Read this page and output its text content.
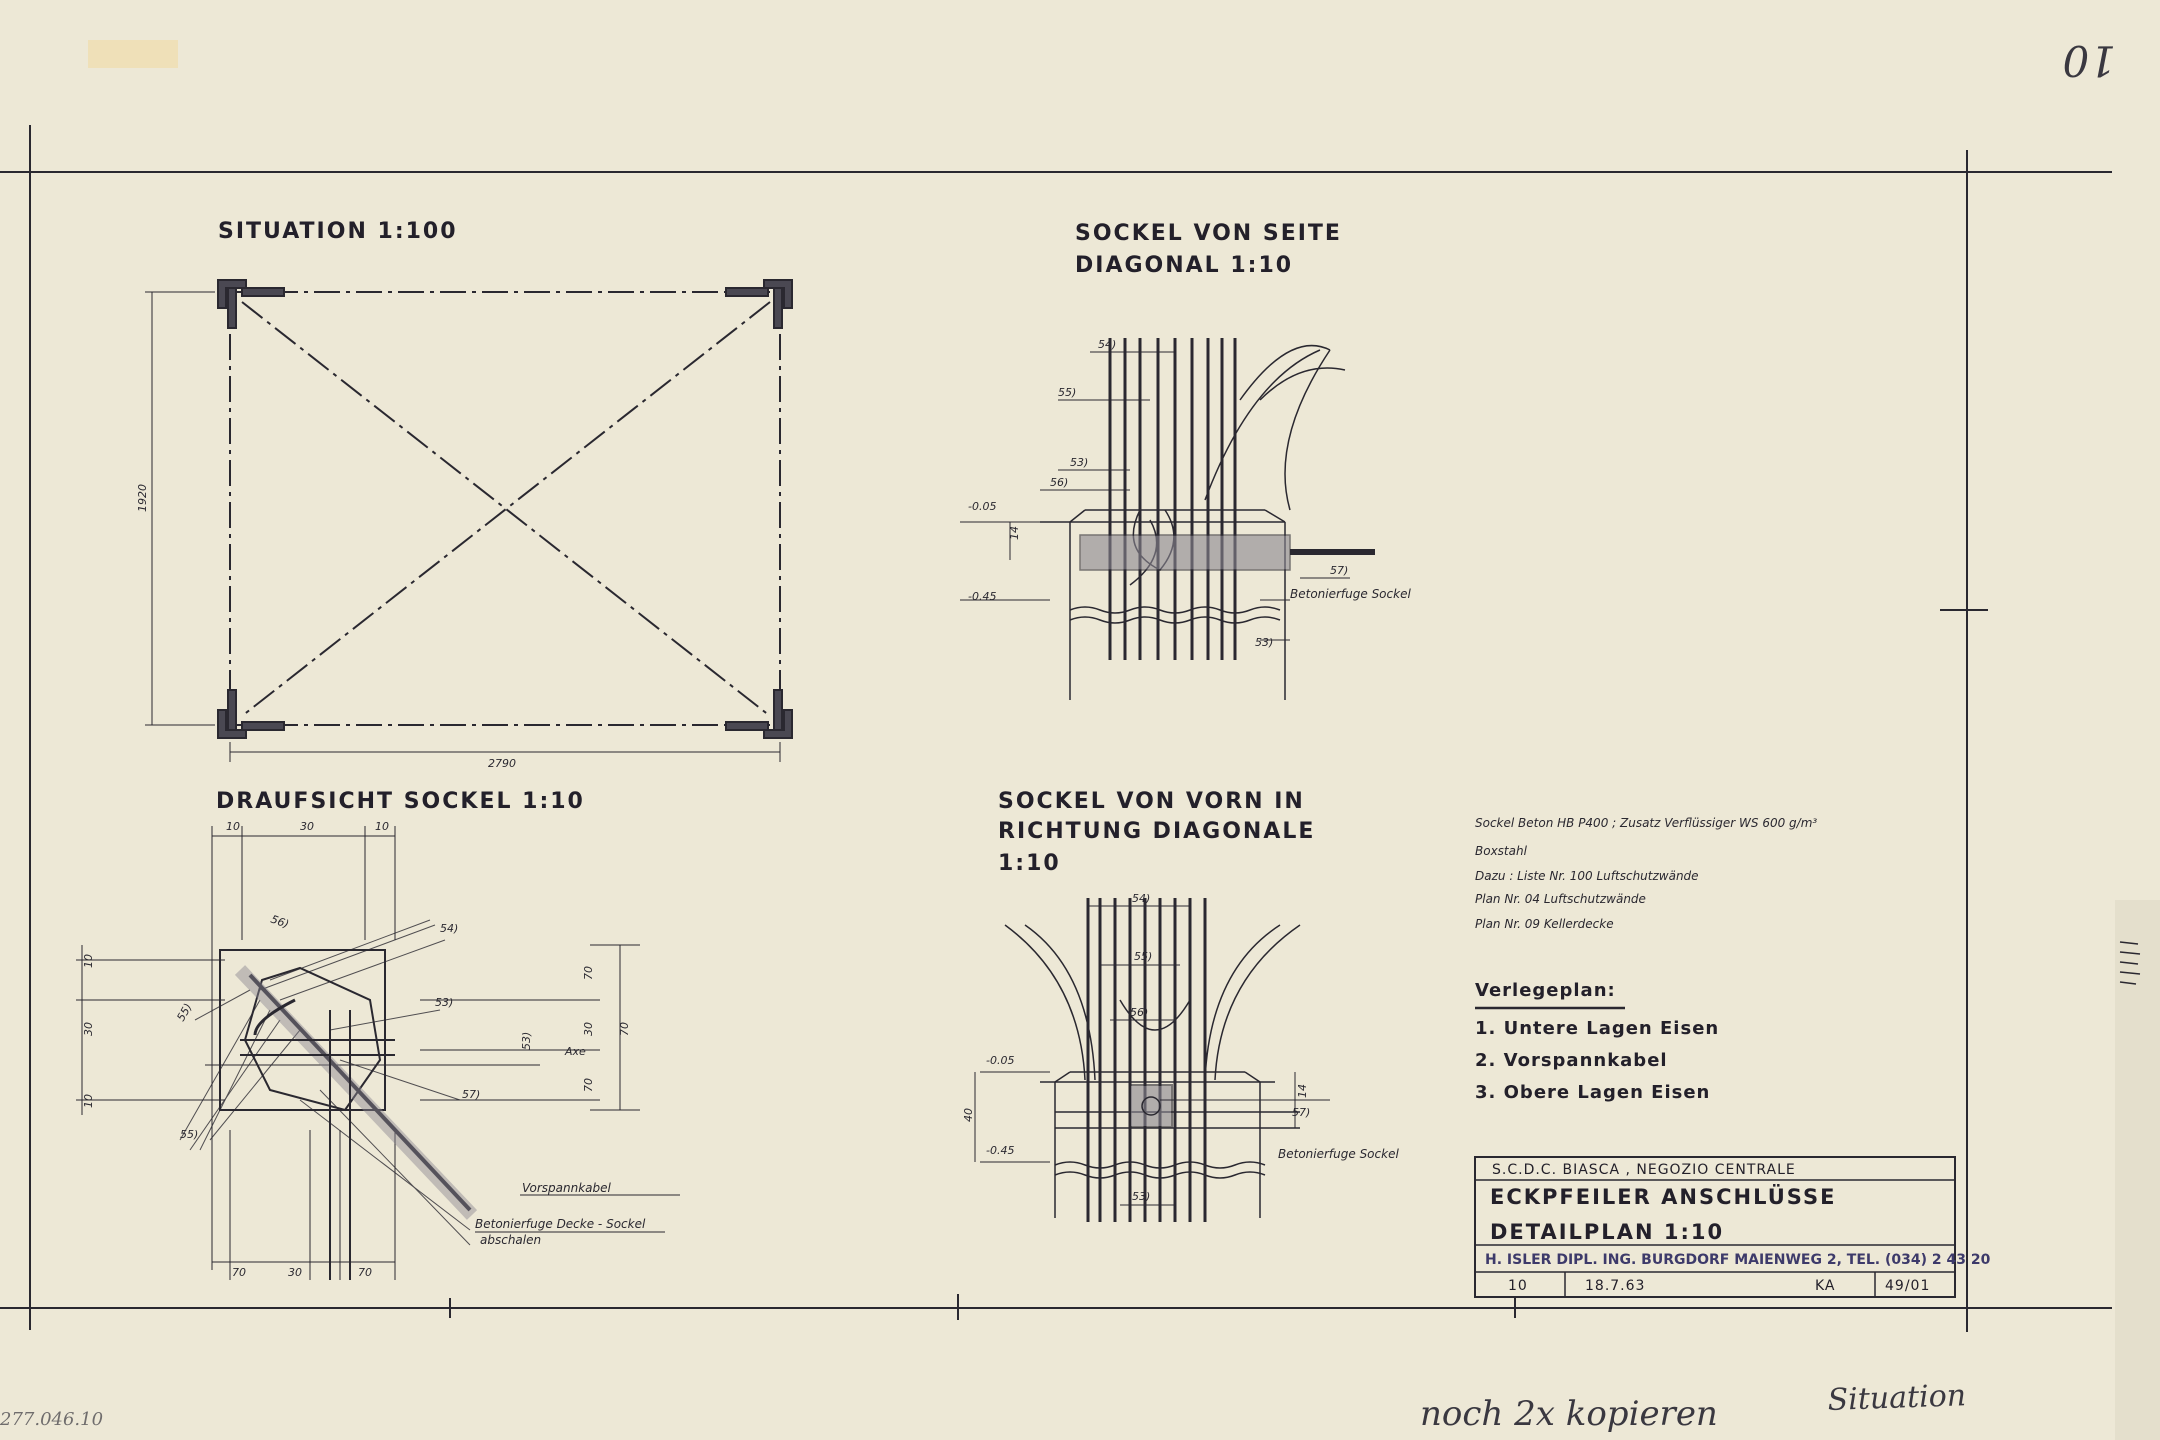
10
SITUATION 1:100
1920
2790
SOCKEL VON SEITE
DIAGONAL 1:10
54)
55)
53)
56)
57)
53)
-0.05
-0.45
14
Betonierfuge Sockel
DRAUFSICHT SOCKEL 1:10
56)	54)
53)
55)
57)
53)
55)
10	30	10
70	30	70
10
30
10
70
30
70
70
Axe
Vorspannkabel
Betonierfuge Decke - Sockel
abschalen
SOCKEL VON VORN IN
RICHTUNG DIAGONALE
1:10
54)
55)
56)
57)
53)
-0.05
-0.45
40
14
Betonierfuge Sockel
Sockel Beton HB P400 ; Zusatz Verflüssiger WS 600 g/m³
Boxstahl
Dazu : Liste Nr. 100 Luftschutzwände
Plan Nr. 04 Luftschutzwände
Plan Nr. 09 Kellerdecke
Verlegeplan:
1. Untere Lagen Eisen
2. Vorspannkabel
3. Obere Lagen Eisen
S.C.D.C. BIASCA , NEGOZIO CENTRALE
ECKPFEILER ANSCHLÜSSE
DETAILPLAN 1:10
H. ISLER DIPL. ING. BURGDORF MAIENWEG 2, TEL. (034) 2 43 20
10	18.7.63	KA	49/01
277.046.10	noch 2x kopieren	Situation
